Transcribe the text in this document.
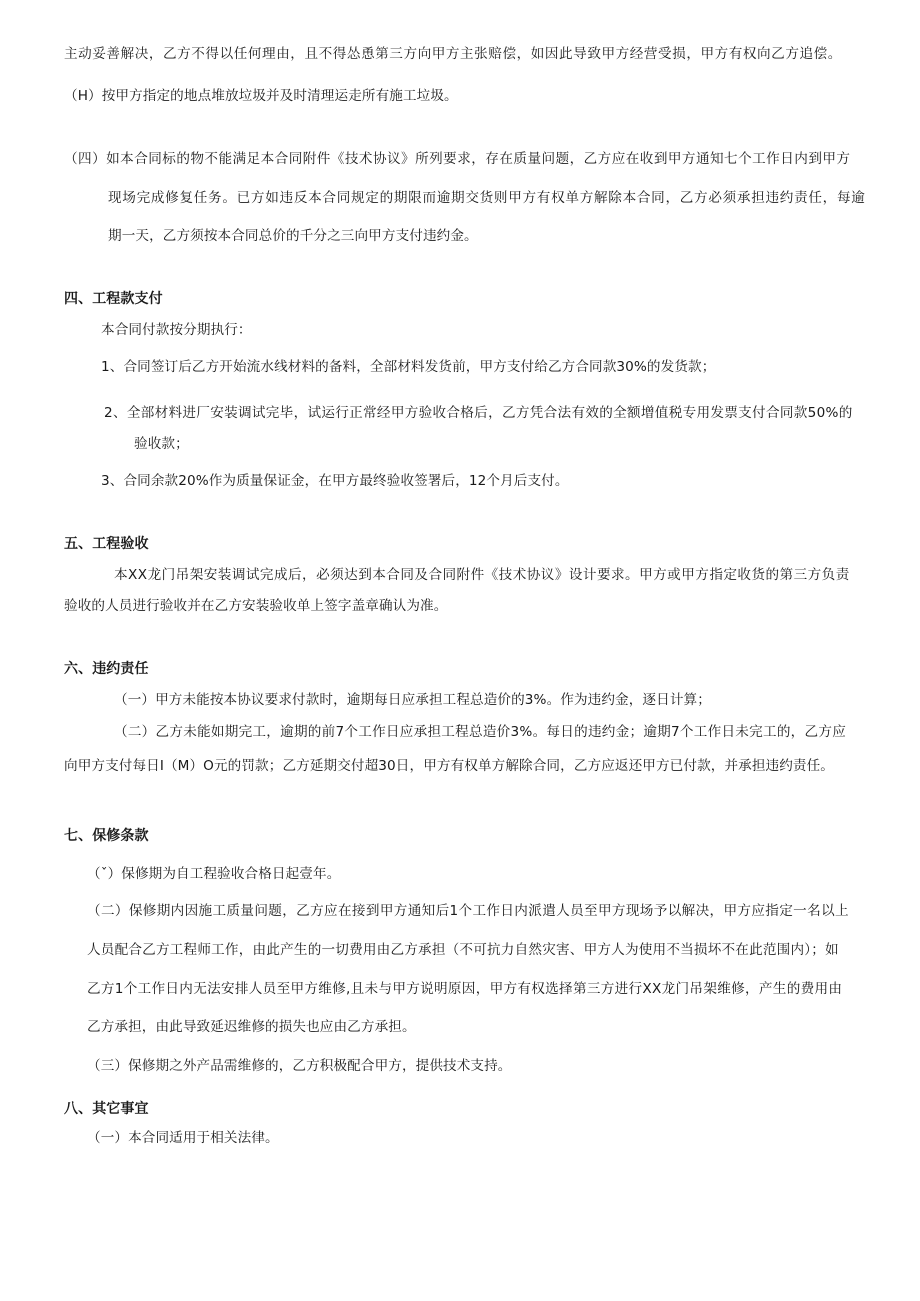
主动妥善解决，乙方不得以任何理由，且不得怂恿第三方向甲方主张赔偿，如因此导致甲方经营受损，甲方有权向乙方追偿。
（H）按甲方指定的地点堆放垃圾并及时清理运走所有施工垃圾。
（四）如本合同标的物不能满足本合同附件《技术协议》所列要求，存在质量问题，乙方应在收到甲方通知七个工作日内到甲方
现场完成修复任务。已方如违反本合同规定的期限而逾期交货则甲方有权单方解除本合同，乙方必须承担违约责任，每逾
期一天，乙方须按本合同总价的千分之三向甲方支付违约金。
四、工程款支付
本合同付款按分期执行：
1、合同签订后乙方开始流水线材料的备料，全部材料发货前，甲方支付给乙方合同款30%的发货款；
2、全部材料进厂安装调试完毕，试运行正常经甲方验收合格后，乙方凭合法有效的全额增值税专用发票支付合同款50%的
验收款；
3、合同余款20%作为质量保证金，在甲方最终验收签署后，12个月后支付。
五、工程验收
本XX龙门吊架安装调试完成后，必须达到本合同及合同附件《技术协议》设计要求。甲方或甲方指定收货的第三方负责
验收的人员进行验收并在乙方安装验收单上签字盖章确认为准。
六、违约责任
（一）甲方未能按本协议要求付款时，逾期每日应承担工程总造价的3%。作为违约金，逐日计算；
（二）乙方未能如期完工，逾期的前7个工作日应承担工程总造价3%。每日的违约金；逾期7个工作日未完工的，乙方应
向甲方支付每日I（M）O元的罚款；乙方延期交付超30日，甲方有权单方解除合同，乙方应返还甲方已付款，并承担违约责任。
七、保修条款
（ˇ）保修期为自工程验收合格日起壹年。
（二）保修期内因施工质量问题，乙方应在接到甲方通知后1个工作日内派遣人员至甲方现场予以解决，甲方应指定一名以上
人员配合乙方工程师工作，由此产生的一切费用由乙方承担（不可抗力自然灾害、甲方人为使用不当损坏不在此范围内）；如
乙方1个工作日内无法安排人员至甲方维修,且未与甲方说明原因，甲方有权选择第三方进行XX龙门吊架维修，产生的费用由
乙方承担，由此导致延迟维修的损失也应由乙方承担。
（三）保修期之外产品需维修的，乙方积极配合甲方，提供技术支持。
八、其它事宜
（一）本合同适用于相关法律。
